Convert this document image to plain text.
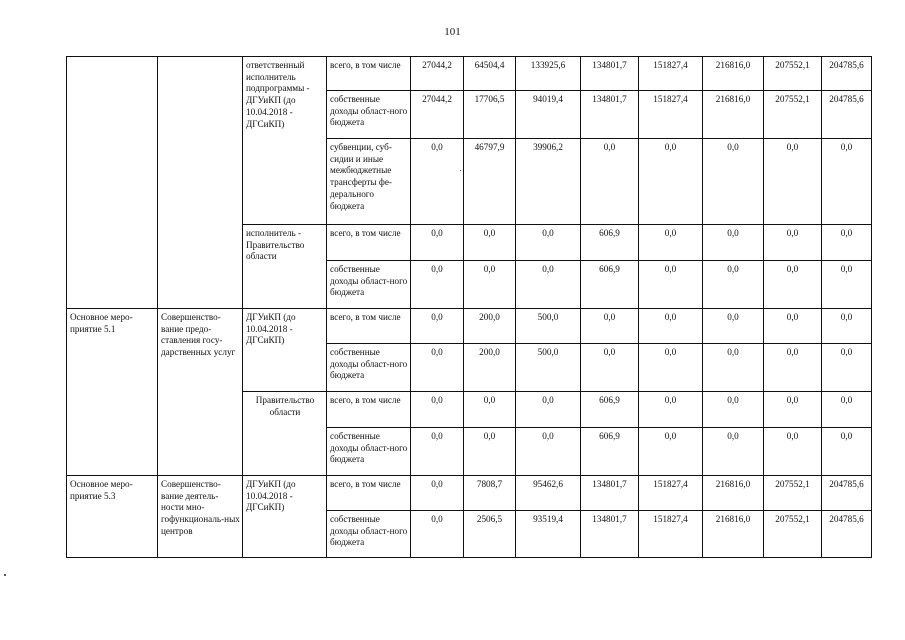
101
		ответственный исполнитель подпрограммы - ДГУиКП (до 10.04.2018 - ДГСиКП)	всего, в том числе	27044,2	64504,4	133925,6	134801,7	151827,4	216816,0	207552,1	204785,6
			собственные доходы област-ного бюджета	27044,2	17706,5	94019,4	134801,7	151827,4	216816,0	207552,1	204785,6
			субвенции, суб-сидии и иные межбюджетные трансферты фе-дерального бюджета	0,0	46797,9	39906,2	0,0	0,0	0,0	0,0	0,0
		исполнитель - Правительство области	всего, в том числе	0,0	0,0	0,0	606,9	0,0	0,0	0,0	0,0
			собственные доходы област-ного бюджета	0,0	0,0	0,0	606,9	0,0	0,0	0,0	0,0
Основное меро-приятие 5.1	Совершенство-вание предо-ставления госу-дарственных услуг	ДГУиКП (до 10.04.2018 - ДГСиКП)	всего, в том числе	0,0	200,0	500,0	0,0	0,0	0,0	0,0	0,0
			собственные доходы област-ного бюджета	0,0	200,0	500,0	0,0	0,0	0,0	0,0	0,0
		Правительство области	всего, в том числе	0,0	0,0	0,0	606,9	0,0	0,0	0,0	0,0
			собственные доходы област-ного бюджета	0,0	0,0	0,0	606,9	0,0	0,0	0,0	0,0
Основное меро-приятие 5.3	Совершенство-вание деятель-ности мно-гофункциональ-ных центров	ДГУиКП (до 10.04.2018 - ДГСиКП)	всего, в том числе	0,0	7808,7	95462,6	134801,7	151827,4	216816,0	207552,1	204785,6
			собственные доходы област-ного бюджета	0,0	2506,5	93519,4	134801,7	151827,4	216816,0	207552,1	204785,6
